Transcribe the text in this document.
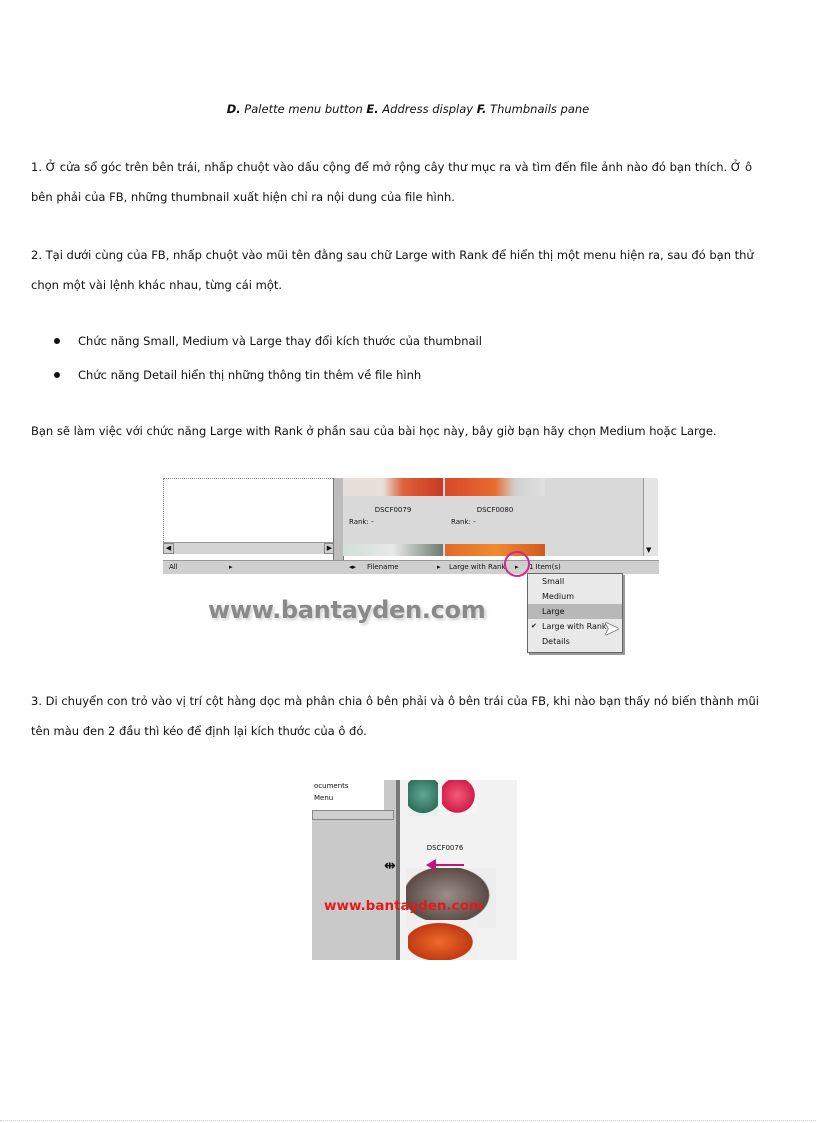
D. Palette menu button E. Address display F. Thumbnails pane

1. Ở cửa sổ góc trên bên trái, nhấp chuột vào dấu cộng để mở rộng cây thư mục ra và tìm đến file ảnh nào đó bạn thích. Ở ô bên phải của FB, những thumbnail xuất hiện chỉ ra nội dung của file hình.

2. Tại dưới cùng của FB, nhấp chuột vào mũi tên đằng sau chữ Large with Rank để hiển thị một menu hiện ra, sau đó bạn thử chọn một vài lệnh khác nhau, từng cái một.

Chức năng Small, Medium và Large thay đổi kích thước của thumbnail
Chức năng Detail hiển thị những thông tin thêm về file hình

Bạn sẽ làm việc với chức năng Large with Rank ở phần sau của bài học này, bây giờ bạn hãy chọn Medium hoặc Large.

◀	▶
DSCF0079
Rank: -
DSCF0080
Rank: -
▼
All	▸	◂▸ Filename	▸ Large with Rank ▸ 1 Item(s)
Small
Medium
Large
✔ Large with Rank
Details
➤
www.bantayden.com

3. Di chuyển con trỏ vào vị trí cột hàng dọc mà phân chia ô bên phải và ô bên trái của FB, khi nào bạn thấy nó biến thành mũi tên màu đen 2 đầu thì kéo để định lại kích thước của ô đó.

ocuments
Menu
DSCF0076
⇹
www.bantayden.com
